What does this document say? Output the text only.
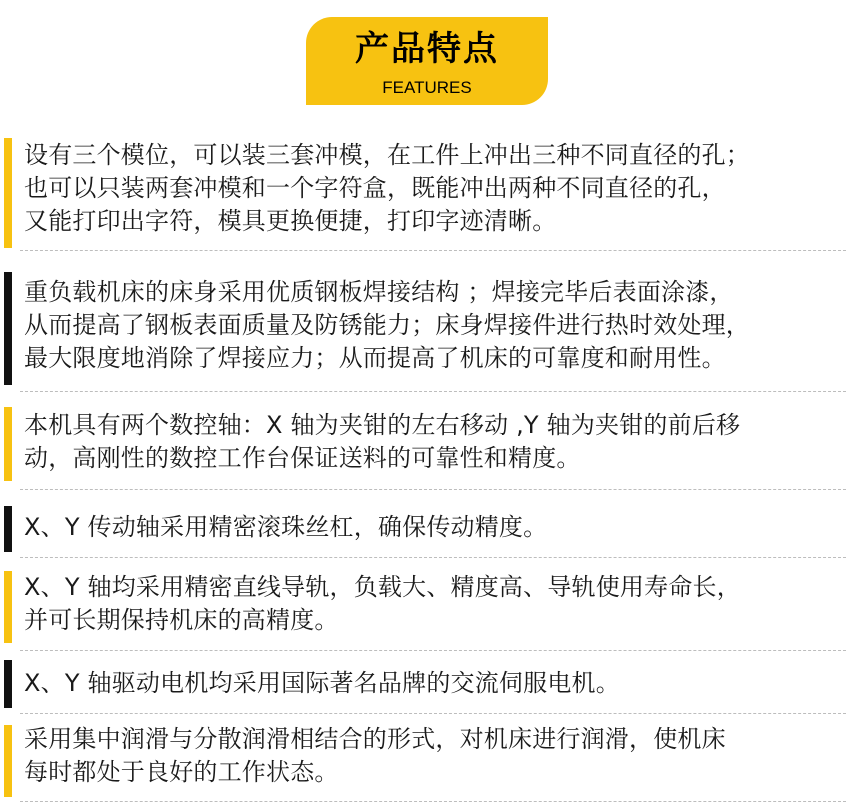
产品特点
FEATURES

设有三个模位，可以装三套冲模，在工件上冲出三种不同直径的孔；
也可以只装两套冲模和一个字符盒，既能冲出两种不同直径的孔，
又能打印出字符，模具更换便捷，打印字迹清晰。

重负载机床的床身采用优质钢板焊接结构 ；焊接完毕后表面涂漆，
从而提高了钢板表面质量及防锈能力；床身焊接件进行热时效处理，
最大限度地消除了焊接应力；从而提高了机床的可靠度和耐用性。

本机具有两个数控轴：X 轴为夹钳的左右移动 ,Y 轴为夹钳的前后移
动，高刚性的数控工作台保证送料的可靠性和精度。

X、Y 传动轴采用精密滚珠丝杠，确保传动精度。

X、Y 轴均采用精密直线导轨，负载大、精度高、导轨使用寿命长，
并可长期保持机床的高精度。

X、Y 轴驱动电机均采用国际著名品牌的交流伺服电机。

采用集中润滑与分散润滑相结合的形式，对机床进行润滑，使机床
每时都处于良好的工作状态。
